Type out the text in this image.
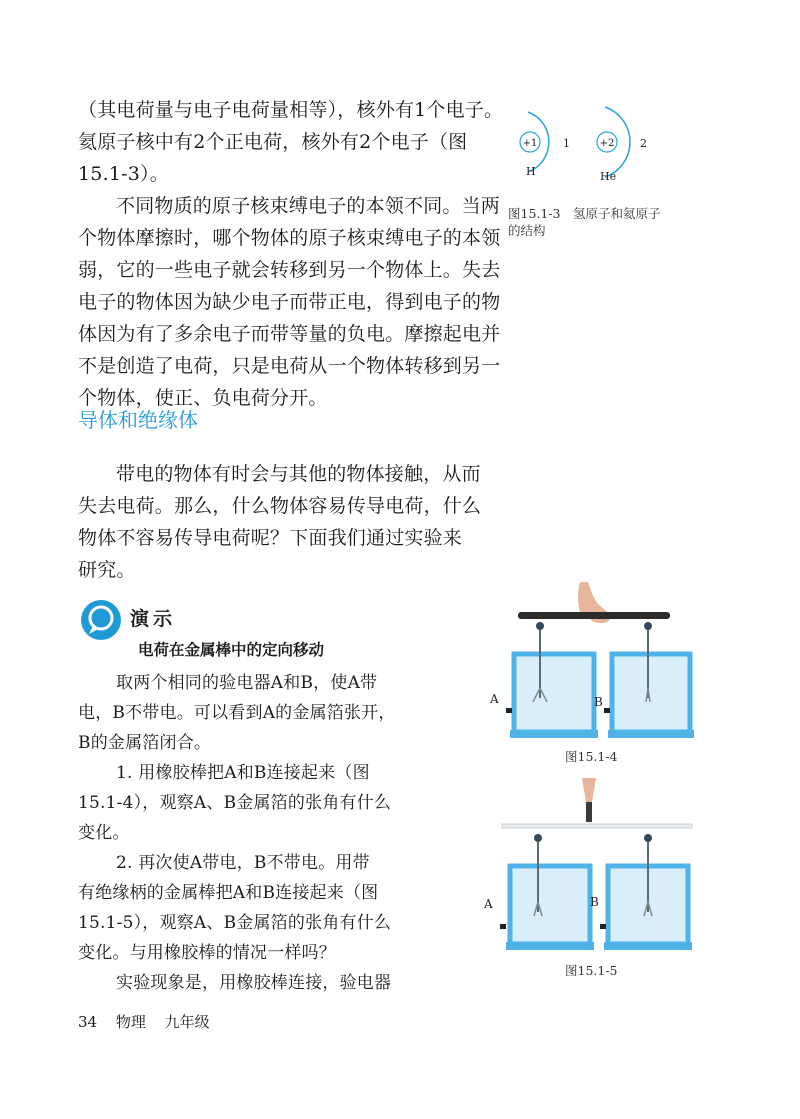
（其电荷量与电子电荷量相等），核外有1个电子。
氦原子核中有2个正电荷，核外有2个电子（图
15.1-3）。
不同物质的原子核束缚电子的本领不同。当两
个物体摩擦时，哪个物体的原子核束缚电子的本领
弱，它的一些电子就会转移到另一个物体上。失去
电子的物体因为缺少电子而带正电，得到电子的物
体因为有了多余电子而带等量的负电。摩擦起电并
不是创造了电荷，只是电荷从一个物体转移到另一
个物体，使正、负电荷分开。
+1 1
H
+2 2
He
图15.1-3　氢原子和氦原子
的结构
导体和绝缘体
带电的物体有时会与其他的物体接触，从而
失去电荷。那么，什么物体容易传导电荷，什么
物体不容易传导电荷呢？下面我们通过实验来
研究。
演示
电荷在金属棒中的定向移动
取两个相同的验电器A和B，使A带
电，B不带电。可以看到A的金属箔张开，
B的金属箔闭合。
1. 用橡胶棒把A和B连接起来（图
15.1-4），观察A、B金属箔的张角有什么
变化。
2. 再次使A带电，B不带电。用带
有绝缘柄的金属棒把A和B连接起来（图
15.1-5），观察A、B金属箔的张角有什么
变化。与用橡胶棒的情况一样吗？
实验现象是，用橡胶棒连接，验电器
A	B
图15.1-4
A	B
图15.1-5
34 物理 九年级
